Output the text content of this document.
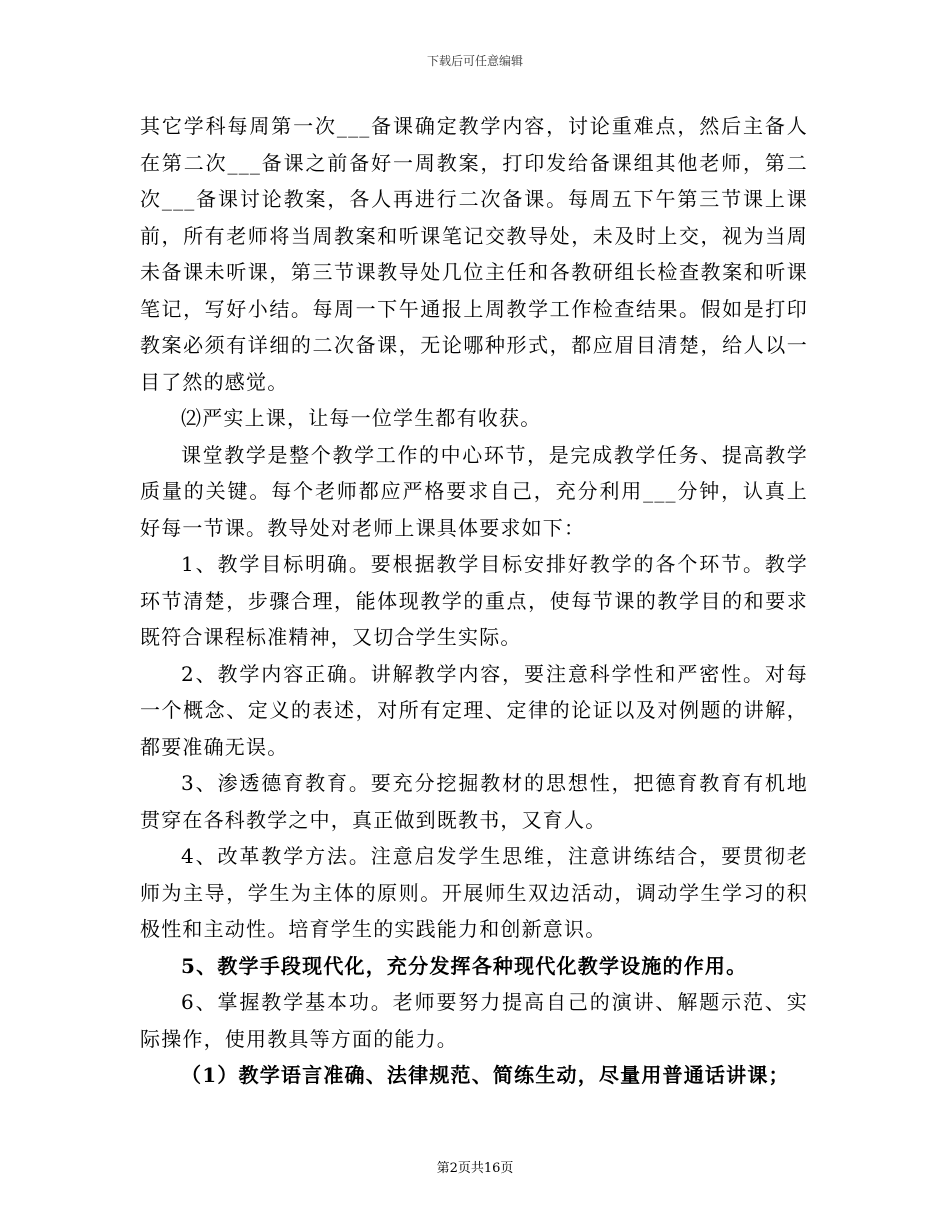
下载后可任意编辑

其它学科每周第一次___备课确定教学内容，讨论重难点，然后主备人在第二次___备课之前备好一周教案，打印发给备课组其他老师，第二次___备课讨论教案，各人再进行二次备课。每周五下午第三节课上课前，所有老师将当周教案和听课笔记交教导处，未及时上交，视为当周未备课未听课，第三节课教导处几位主任和各教研组长检查教案和听课笔记，写好小结。每周一下午通报上周教学工作检查结果。假如是打印教案必须有详细的二次备课，无论哪种形式，都应眉目清楚，给人以一目了然的感觉。

⑵严实上课，让每一位学生都有收获。

课堂教学是整个教学工作的中心环节，是完成教学任务、提高教学质量的关键。每个老师都应严格要求自己，充分利用___分钟，认真上好每一节课。教导处对老师上课具体要求如下：

1、教学目标明确。要根据教学目标安排好教学的各个环节。教学环节清楚，步骤合理，能体现教学的重点，使每节课的教学目的和要求既符合课程标准精神，又切合学生实际。

2、教学内容正确。讲解教学内容，要注意科学性和严密性。对每一个概念、定义的表述，对所有定理、定律的论证以及对例题的讲解，都要准确无误。

3、渗透德育教育。要充分挖掘教材的思想性，把德育教育有机地贯穿在各科教学之中，真正做到既教书，又育人。

4、改革教学方法。注意启发学生思维，注意讲练结合，要贯彻老师为主导，学生为主体的原则。开展师生双边活动，调动学生学习的积极性和主动性。培育学生的实践能力和创新意识。

5、教学手段现代化，充分发挥各种现代化教学设施的作用。

6、掌握教学基本功。老师要努力提高自己的演讲、解题示范、实际操作，使用教具等方面的能力。

（1）教学语言准确、法律规范、简练生动，尽量用普通话讲课；

第2页共16页
